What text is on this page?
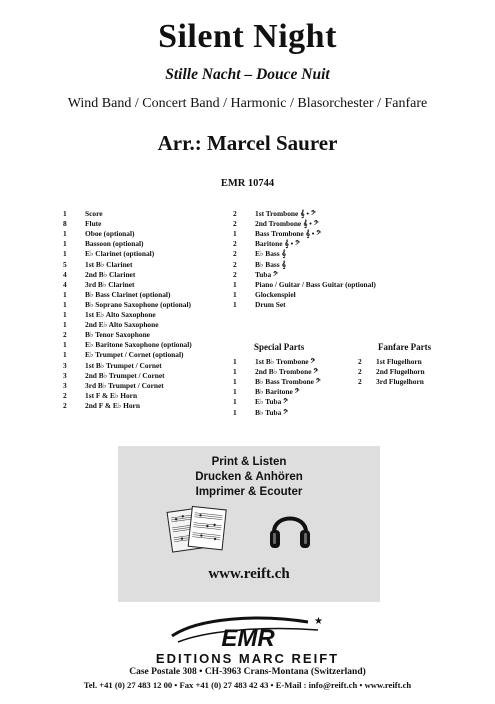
Silent Night
Stille Nacht – Douce Nuit
Wind Band / Concert Band / Harmonic / Blasorchester / Fanfare
Arr.: Marcel Saurer
EMR 10744
1 Score
8 Flute
1 Oboe (optional)
1 Bassoon (optional)
1 E♭ Clarinet (optional)
5 1st B♭ Clarinet
4 2nd B♭ Clarinet
4 3rd B♭ Clarinet
1 B♭ Bass Clarinet (optional)
1 B♭ Soprano Saxophone (optional)
1 1st E♭ Alto Saxophone
1 2nd E♭ Alto Saxophone
2 B♭ Tenor Saxophone
1 E♭ Baritone Saxophone (optional)
1 E♭ Trumpet / Cornet (optional)
3 1st B♭ Trumpet / Cornet
3 2nd B♭ Trumpet / Cornet
3 3rd B♭ Trumpet / Cornet
2 1st F & E♭ Horn
2 2nd F & E♭ Horn
2 1st Trombone 𝄞 • 𝄢
2 2nd Trombone 𝄞 • 𝄢
1 Bass Trombone 𝄞 • 𝄢
2 Baritone 𝄞 • 𝄢
2 E♭ Bass 𝄞
2 B♭ Bass 𝄞
2 Tuba 𝄢
1 Piano / Guitar / Bass Guitar (optional)
1 Glockenspiel
1 Drum Set
Special Parts
1 1st B♭ Trombone 𝄢
1 2nd B♭ Trombone 𝄢
1 B♭ Bass Trombone 𝄢
1 B♭ Baritone 𝄢
1 E♭ Tuba 𝄢
1 B♭ Tuba 𝄢
Fanfare Parts
2 1st Flugelhorn
2 2nd Flugelhorn
2 3rd Flugelhorn
Print & Listen
Drucken & Anhören
Imprimer & Ecouter
www.reift.ch
EMR
★
EDITIONS MARC REIFT
Case Postale 308 • CH-3963 Crans-Montana (Switzerland)
Tel. +41 (0) 27 483 12 00 • Fax +41 (0) 27 483 42 43 • E-Mail : info@reift.ch • www.reift.ch
